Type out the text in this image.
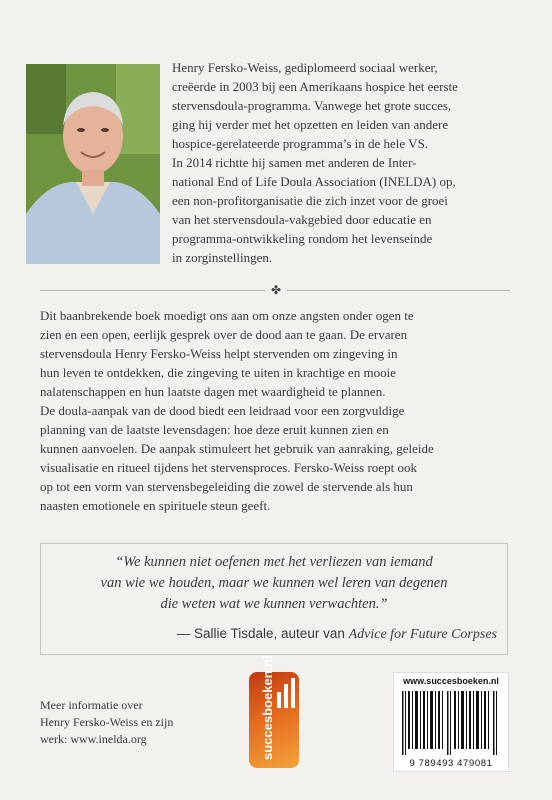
Henry Fersko-Weiss, gediplomeerd sociaal werker,

creëerde in 2003 bij een Amerikaans hospice het eerste

stervensdoula-programma. Vanwege het grote succes,

ging hij verder met het opzetten en leiden van andere

hospice-gerelateerde programma’s in de hele VS.

In 2014 richtte hij samen met anderen de Inter-

national End of Life Doula Association (INELDA) op,

een non-profitorganisatie die zich inzet voor de groei

van het stervensdoula-vakgebied door educatie en

programma-ontwikkeling rondom het levenseinde

in zorginstellingen.

✤

Dit baanbrekende boek moedigt ons aan om onze angsten onder ogen te

zien en een open, eerlijk gesprek over de dood aan te gaan. De ervaren

stervensdoula Henry Fersko-Weiss helpt stervenden om zingeving in

hun leven te ontdekken, die zingeving te uiten in krachtige en mooie

nalatenschappen en hun laatste dagen met waardigheid te plannen.

De doula-aanpak van de dood biedt een leidraad voor een zorgvuldige

planning van de laatste levensdagen: hoe deze eruit kunnen zien en

kunnen aanvoelen. De aanpak stimuleert het gebruik van aanraking, geleide

visualisatie en ritueel tijdens het stervensproces. Fersko-Weiss roept ook

op tot een vorm van stervensbegeleiding die zowel de stervende als hun

naasten emotionele en spirituele steun geeft.

“We kunnen niet oefenen met het verliezen van iemand
van wie we houden, maar we kunnen wel leren van degenen
die weten wat we kunnen verwachten.”

— Sallie Tisdale, auteur van Advice for Future Corpses
Meer informatie over
Henry Fersko-Weiss en zijn
werk: www.inelda.org	succesboeken.nl	www.succesboeken.nl
9 789493 479081
